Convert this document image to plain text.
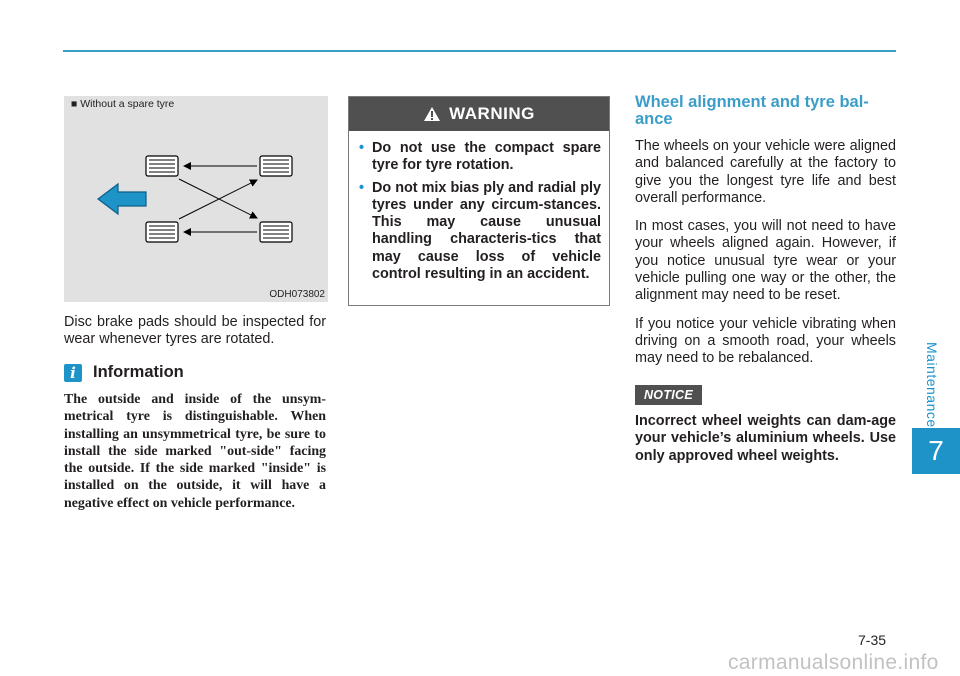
Maintenance
7
■ Without a spare tyre
ODH073802

Disc brake pads should be inspected for wear whenever tyres are rotated.

i	Information
The outside and inside of the unsym-metrical tyre is distinguishable. When installing an unsymmetrical tyre, be sure to install the side marked "out-side" facing the outside. If the side marked "inside" is installed on the outside, it will have a negative effect on vehicle performance.
WARNING
• Do not use the compact spare tyre for tyre rotation.
• Do not mix bias ply and radial ply tyres under any circum-stances. This may cause unusual handling characteris-tics that may cause loss of vehicle control resulting in an accident.
Wheel alignment and tyre bal-ance

The wheels on your vehicle were aligned and balanced carefully at the factory to give you the longest tyre life and best overall performance.

In most cases, you will not need to have your wheels aligned again. However, if you notice unusual tyre wear or your vehicle pulling one way or the other, the alignment may need to be reset.

If you notice your vehicle vibrating when driving on a smooth road, your wheels may need to be rebalanced.

NOTICE
Incorrect wheel weights can dam-age your vehicle’s aluminium wheels. Use only approved wheel weights.
7-35
carmanualsonline.info
